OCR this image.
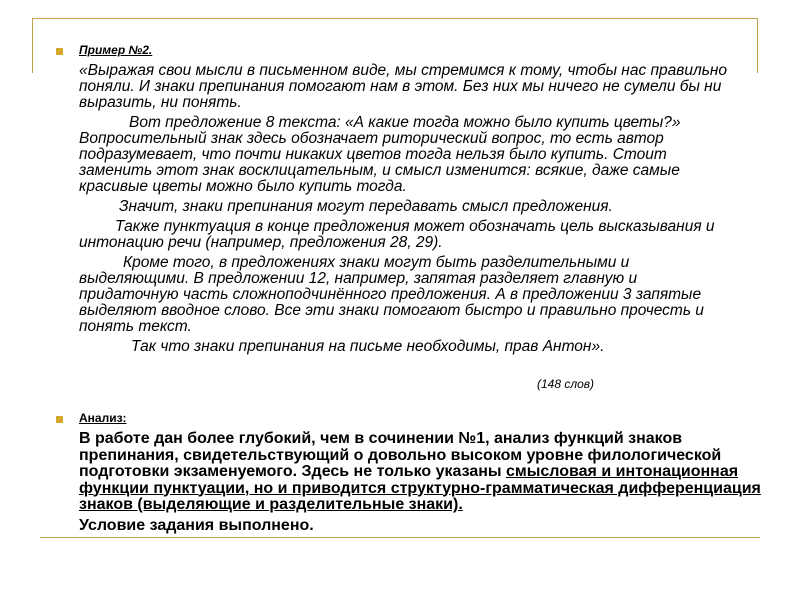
Пример №2.

«Выражая свои мысли в письменном виде, мы стремимся к тому, чтобы нас правильно поняли. И знаки препинания помогают нам в этом. Без них мы ничего не сумели бы ни выразить, ни понять.

Вот предложение 8 текста: «А какие тогда можно было купить цветы?» Вопросительный знак здесь обозначает риторический вопрос, то есть автор подразумевает, что почти никаких цветов тогда нельзя было купить. Стоит заменить этот знак восклицательным, и смысл изменится: всякие, даже самые красивые цветы можно было купить тогда.

Значит, знаки препинания могут передавать смысл предложения.

Также пунктуация в конце предложения может обозначать цель высказывания и интонацию речи (например, предложения 28, 29).

Кроме того, в предложениях знаки могут быть разделительными и выделяющими. В предложении 12, например, запятая разделяет главную и придаточную часть сложноподчинённого предложения. А в предложении 3 запятые выделяют вводное слово. Все эти знаки помогают быстро и правильно прочесть и понять текст.

Так что знаки препинания на письме необходимы, прав Антон».

(148 слов)
Анализ:

В работе дан более глубокий, чем в сочинении №1, анализ функций знаков препинания, свидетельствующий о довольно высоком уровне филологической подготовки экзаменуемого. Здесь не только указаны смысловая и интонационная функции пунктуации, но и приводится структурно-грамматическая дифференциация знаков (выделяющие и разделительные знаки).

Условие задания выполнено.
